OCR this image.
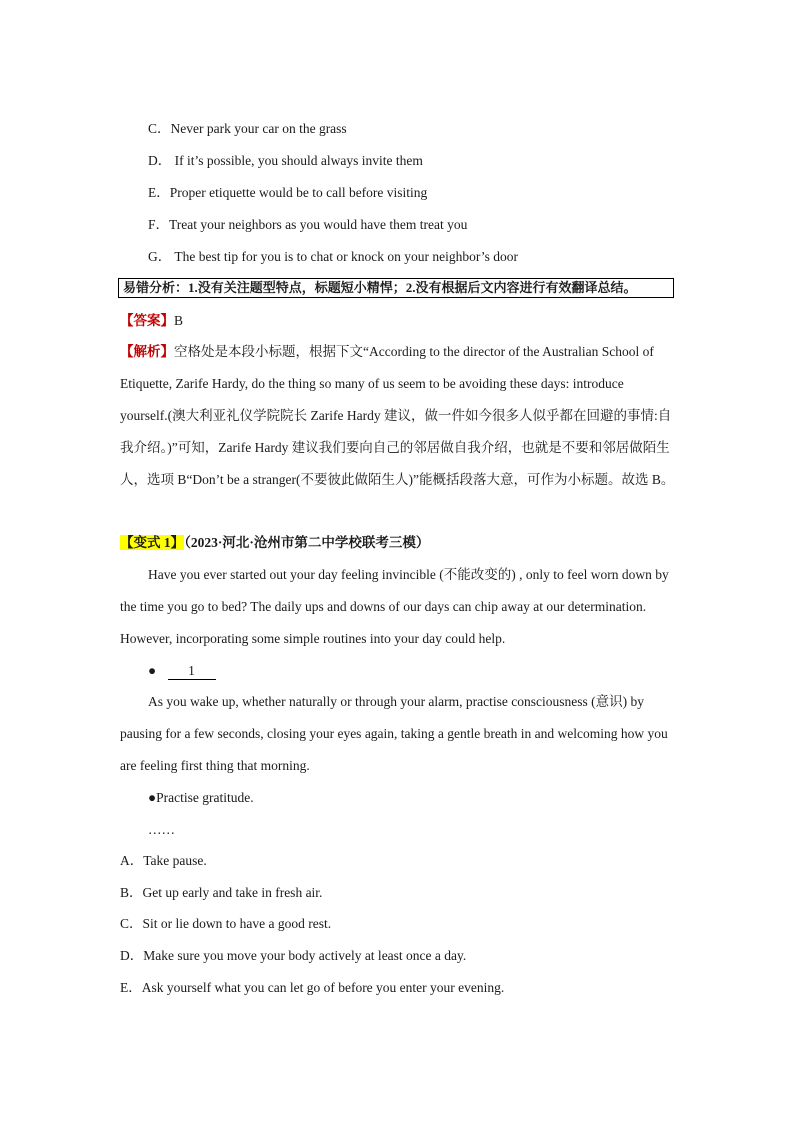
C．Never park your car on the grass
D． If it’s possible, you should always invite them
E．Proper etiquette would be to call before visiting
F．Treat your neighbors as you would have them treat you
G． The best tip for you is to chat or knock on your neighbor’s door
易错分析：1.没有关注题型特点，标题短小精悍；2.没有根据后文内容进行有效翻译总结。
【答案】B
【解析】空格处是本段小标题，根据下文“According to the director of the Australian School of
Etiquette, Zarife Hardy, do the thing so many of us seem to be avoiding these days: introduce
yourself.(澳大利亚礼仪学院院长 Zarife Hardy 建议，做一件如今很多人似乎都在回避的事情:自
我介绍。)”可知，Zarife Hardy 建议我们要向自己的邻居做自我介绍，也就是不要和邻居做陌生
人，选项 B“Don’t be a stranger(不要彼此做陌生人)”能概括段落大意，可作为小标题。故选 B。
【变式 1】（2023·河北·沧州市第二中学校联考三模）
Have you ever started out your day feeling invincible (不能改变的) , only to feel worn down by
the time you go to bed? The daily ups and downs of our days can chip away at our determination.
However, incorporating some simple routines into your day could help.
● 1
As you wake up, whether naturally or through your alarm, practise consciousness (意识) by
pausing for a few seconds, closing your eyes again, taking a gentle breath in and welcoming how you
are feeling first thing that morning.
●Practise gratitude.
……
A．Take pause.
B．Get up early and take in fresh air.
C．Sit or lie down to have a good rest.
D．Make sure you move your body actively at least once a day.
E．Ask yourself what you can let go of before you enter your evening.
